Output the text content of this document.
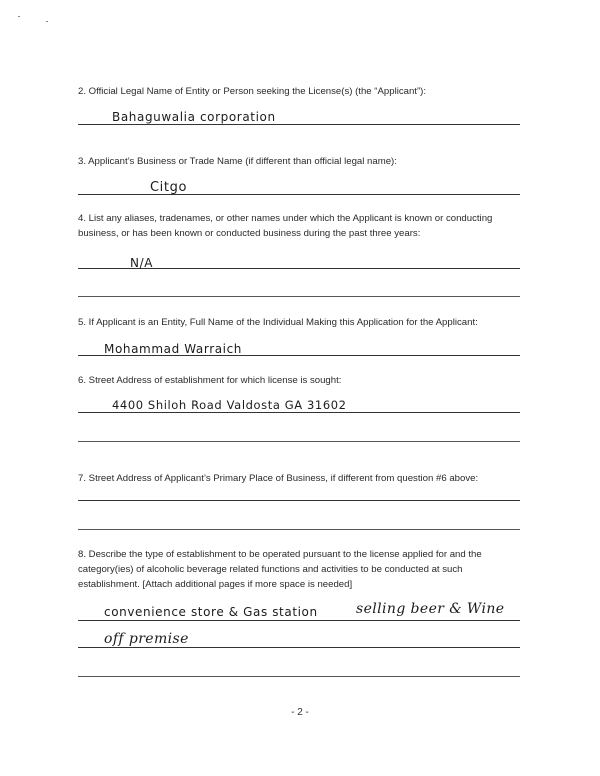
2. Official Legal Name of Entity or Person seeking the License(s) (the “Applicant”):
Bahaguwalia corporation
3. Applicant’s Business or Trade Name (if different than official legal name):
Citgo
4. List any aliases, tradenames, or other names under which the Applicant is known or conducting business, or has been known or conducted business during the past three years:
N/A
5. If Applicant is an Entity, Full Name of the Individual Making this Application for the Applicant:
Mohammad Warraich
6. Street Address of establishment for which license is sought:
4400 Shiloh Road Valdosta GA 31602
7. Street Address of Applicant’s Primary Place of Business, if different from question #6 above:
8. Describe the type of establishment to be operated pursuant to the license applied for and the category(ies) of alcoholic beverage related functions and activities to be conducted at such establishment. [Attach additional pages if more space is needed]
convenience store & Gas station	selling beer & Wine
off premise
- 2 -
